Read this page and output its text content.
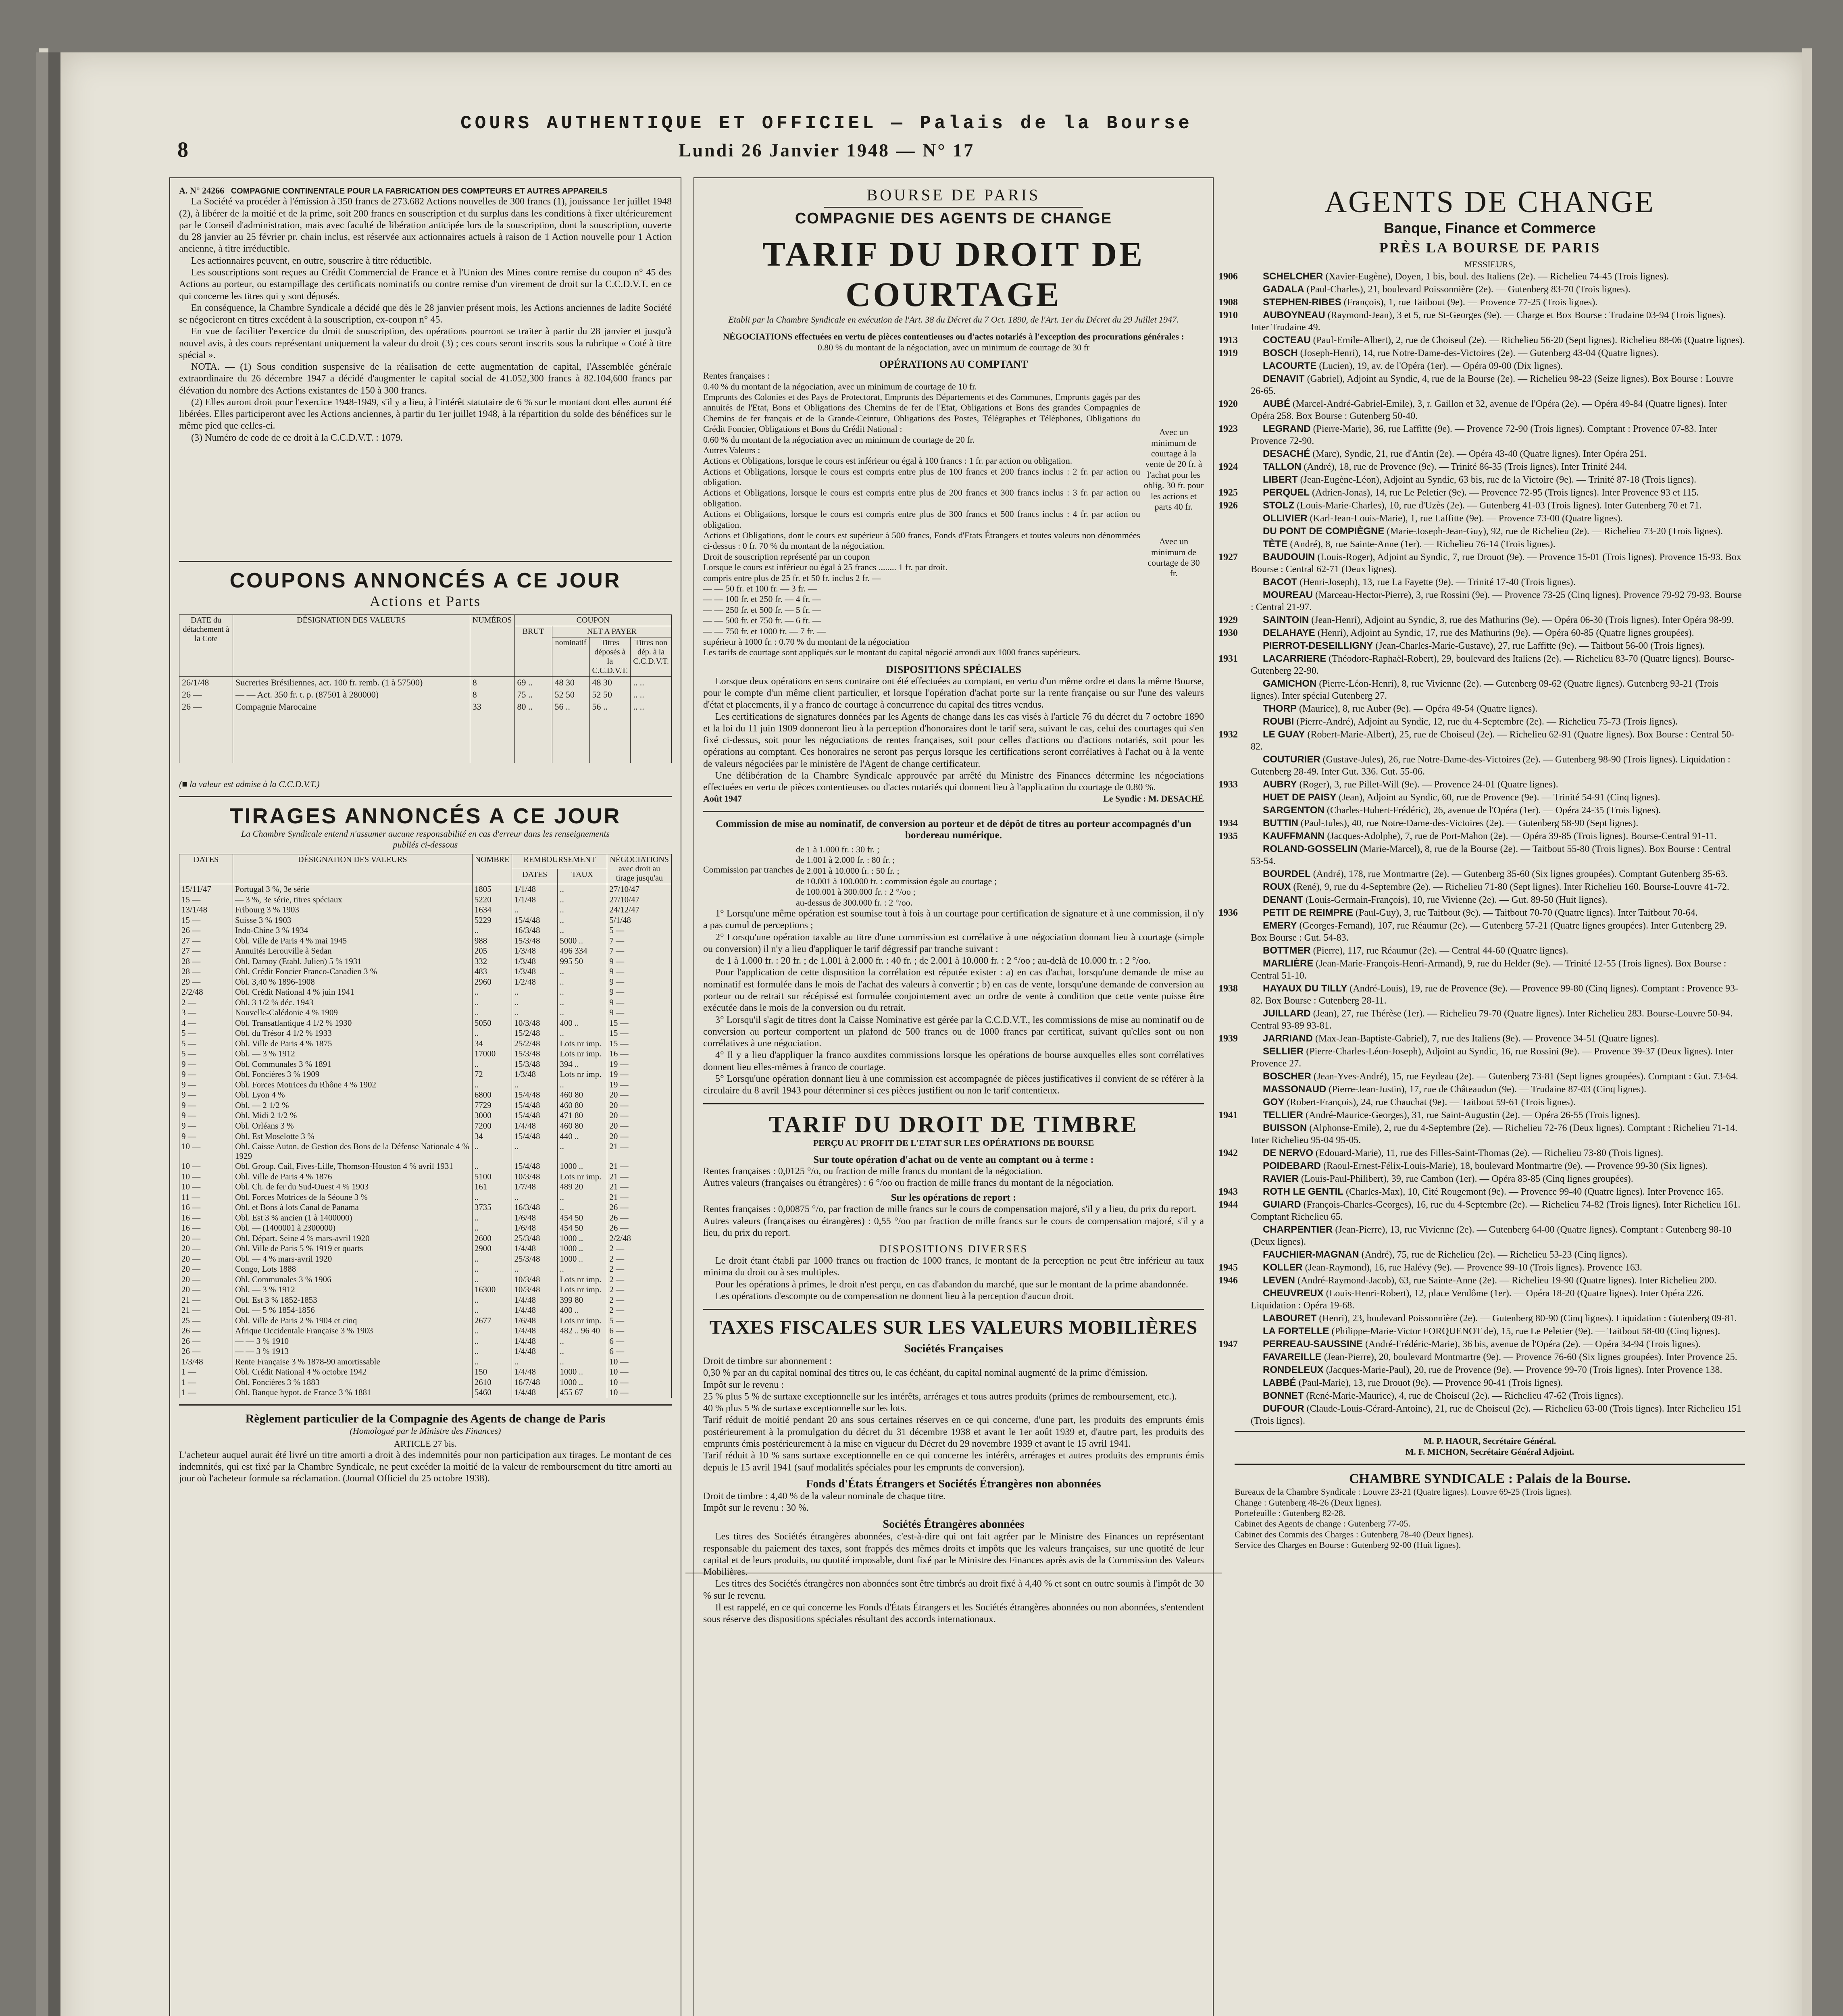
8
COURS AUTHENTIQUE ET OFFICIEL — Palais de la Bourse
Lundi 26 Janvier 1948 — N° 17
A. N° 24266 COMPAGNIE CONTINENTALE POUR LA FABRICATION DES COMPTEURS ET AUTRES APPAREILS
La Société va procéder à l'émission à 350 francs de 273.682 Actions nouvelles de 300 francs (1), jouissance 1er juillet 1948 (2), à libérer de la moitié et de la prime, soit 200 francs en souscription et du surplus dans les conditions à fixer ultérieurement par le Conseil d'administration, mais avec faculté de libération anticipée lors de la souscription, dont la souscription, ouverte du 28 janvier au 25 février pr. chain inclus, est réservée aux actionnaires actuels à raison de 1 Action nouvelle pour 1 Action ancienne, à titre irréductible.
Les actionnaires peuvent, en outre, souscrire à titre réductible.
Les souscriptions sont reçues au Crédit Commercial de France et à l'Union des Mines contre remise du coupon n° 45 des Actions au porteur, ou estampillage des certificats nominatifs ou contre remise d'un virement de droit sur la C.C.D.V.T. en ce qui concerne les titres qui y sont déposés.
En conséquence, la Chambre Syndicale a décidé que dès le 28 janvier présent mois, les Actions anciennes de ladite Société se négocieront en titres excédent à la souscription, ex-coupon n° 45.
En vue de faciliter l'exercice du droit de souscription, des opérations pourront se traiter à partir du 28 janvier et jusqu'à nouvel avis, à des cours représentant uniquement la valeur du droit (3) ; ces cours seront inscrits sous la rubrique « Coté à titre spécial ».
NOTA. — (1) Sous condition suspensive de la réalisation de cette augmentation de capital, l'Assemblée générale extraordinaire du 26 décembre 1947 a décidé d'augmenter le capital social de 41.052,300 francs à 82.104,600 francs par élévation du nombre des Actions existantes de 150 à 300 francs.
(2) Elles auront droit pour l'exercice 1948-1949, s'il y a lieu, à l'intérêt statutaire de 6 % sur le montant dont elles auront été libérées. Elles participeront avec les Actions anciennes, à partir du 1er juillet 1948, à la répartition du solde des bénéfices sur le même pied que celles-ci.
(3) Numéro de code de ce droit à la C.C.D.V.T. : 1079.
COUPONS ANNONCÉS A CE JOUR
Actions et Parts
DATE du détachement à la Cote	DÉSIGNATION DES VALEURS	NUMÉROS	COUPON			
			BRUT	NET A PAYER		
				nominatif	Titres déposés à la C.C.D.V.T.	Titres non dép. à la C.C.D.V.T.
26/1/48	Sucreries Brésiliennes, act. 100 fr. remb. (1 à 57500)	8	69 ..	48 30	48 30	.. ..
26 —	— — Act. 350 fr. t. p. (87501 à 280000)	8	75 ..	52 50	52 50	.. ..
26 —	Compagnie Marocaine	33	80 ..	56 ..	56 ..	.. ..

(■ la valeur est admise à la C.C.D.V.T.)
TIRAGES ANNONCÉS A CE JOUR
La Chambre Syndicale entend n'assumer aucune responsabilité en cas d'erreur dans les renseignements publiés ci-dessous
DATES	DÉSIGNATION DES VALEURS	NOMBRE	REMBOURSEMENT		NÉGOCIATIONS avec droit au tirage jusqu'au
			DATES	TAUX	
15/11/47	Portugal 3 %, 3e série	1805	1/1/48	..	27/10/47
15 —	— 3 %, 3e série, titres spéciaux	5220	1/1/48	..	27/10/47
13/1/48	Fribourg 3 % 1903	1634	..	..	24/12/47
15 —	Suisse 3 % 1903	5229	15/4/48	..	5/1/48
26 —	Indo-Chine 3 % 1934	..	16/3/48	..	5 —
27 —	Obl. Ville de Paris 4 % mai 1945	988	15/3/48	5000 ..	7 —
27 —	Annuités Lerouville à Sedan	205	1/3/48	496 334	7 —
28 —	Obl. Damoy (Etabl. Julien) 5 % 1931	332	1/3/48	995 50	9 —
28 —	Obl. Crédit Foncier Franco-Canadien 3 %	483	1/3/48	..	9 —
29 —	Obl. 3,40 % 1896-1908	2960	1/2/48	..	9 —
2/2/48	Obl. Crédit National 4 % juin 1941	..	..	..	9 —
2 —	Obl. 3 1/2 % déc. 1943	..	..	..	9 —
3 —	Nouvelle-Calédonie 4 % 1909	..	..	..	9 —
4 —	Obl. Transatlantique 4 1/2 % 1930	5050	10/3/48	400 ..	15 —
5 —	Obl. du Trésor 4 1/2 % 1933	..	15/2/48	..	15 —
5 —	Obl. Ville de Paris 4 % 1875	34	25/2/48	Lots nr imp.	15 —
5 —	Obl. — 3 % 1912	17000	15/3/48	Lots nr imp.	16 —
9 —	Obl. Communales 3 % 1891	..	15/3/48	394 ..	19 —
9 —	Obl. Foncières 3 % 1909	72	1/3/48	Lots nr imp.	19 —
9 —	Obl. Forces Motrices du Rhône 4 % 1902	..	..	..	19 —
9 —	Obl. Lyon 4 %	6800	15/4/48	460 80	20 —
9 —	Obl. — 2 1/2 %	7729	15/4/48	460 80	20 —
9 —	Obl. Midi 2 1/2 %	3000	15/4/48	471 80	20 —
9 —	Obl. Orléans 3 %	7200	1/4/48	460 80	20 —
9 —	Obl. Est Moselotte 3 %	34	15/4/48	440 ..	20 —
10 —	Obl. Caisse Auton. de Gestion des Bons de la Défense Nationale 4 % 1929	..	..	..	21 —
10 —	Obl. Group. Cail, Fives-Lille, Thomson-Houston 4 % avril 1931	..	15/4/48	1000 ..	21 —
10 —	Obl. Ville de Paris 4 % 1876	5100	10/3/48	Lots nr imp.	21 —
10 —	Obl. Ch. de fer du Sud-Ouest 4 % 1903	161	1/7/48	489 20	21 —
11 —	Obl. Forces Motrices de la Séoune 3 %	..	..	..	21 —
16 —	Obl. et Bons à lots Canal de Panama	3735	16/3/48	..	26 —
16 —	Obl. Est 3 % ancien (1 à 1400000)	..	1/6/48	454 50	26 —
16 —	Obl. — (1400001 à 2300000)	..	1/6/48	454 50	26 —
20 —	Obl. Départ. Seine 4 % mars-avril 1920	2600	25/3/48	1000 ..	2/2/48
20 —	Obl. Ville de Paris 5 % 1919 et quarts	2900	1/4/48	1000 ..	2 —
20 —	Obl. — 4 % mars-avril 1920	..	25/3/48	1000 ..	2 —
20 —	Congo, Lots 1888	..	..	..	2 —
20 —	Obl. Communales 3 % 1906	..	10/3/48	Lots nr imp.	2 —
20 —	Obl. — 3 % 1912	16300	10/3/48	Lots nr imp.	2 —
21 —	Obl. Est 3 % 1852-1853	..	1/4/48	399 80	2 —
21 —	Obl. — 5 % 1854-1856	..	1/4/48	400 ..	2 —
25 —	Obl. Ville de Paris 2 % 1904 et cinq	2677	1/6/48	Lots nr imp.	5 —
26 —	Afrique Occidentale Française 3 % 1903	..	1/4/48	482 .. 96 40	6 —
26 —	— — 3 % 1910	..	1/4/48	..	6 —
26 —	— — 3 % 1913	..	1/4/48	..	6 —
1/3/48	Rente Française 3 % 1878-90 amortissable	..	..	..	10 —
1 —	Obl. Crédit National 4 % octobre 1942	150	1/4/48	1000 ..	10 —
1 —	Obl. Foncières 3 % 1883	2610	16/7/48	1000 ..	10 —
1 —	Obl. Banque hypot. de France 3 % 1881	5460	1/4/48	455 67	10 —
Règlement particulier de la Compagnie des Agents de change de Paris
(Homologué par le Ministre des Finances)
ARTICLE 27 bis.
L'acheteur auquel aurait été livré un titre amorti a droit à des indemnités pour non participation aux tirages. Le montant de ces indemnités, qui est fixé par la Chambre Syndicale, ne peut excéder la moitié de la valeur de remboursement du titre amorti au jour où l'acheteur formule sa réclamation. (Journal Officiel du 25 octobre 1938).
BOURSE DE PARIS
COMPAGNIE DES AGENTS DE CHANGE
TARIF DU DROIT DE COURTAGE
Etabli par la Chambre Syndicale en exécution de l'Art. 38 du Décret du 7 Oct. 1890, de l'Art. 1er du Décret du 29 Juillet 1947.
NÉGOCIATIONS effectuées en vertu de pièces contentieuses ou d'actes notariés à l'exception des procurations générales :
0.80 % du montant de la négociation, avec un minimum de courtage de 30 fr
OPÉRATIONS AU COMPTANT
Rentes françaises :
0.40 % du montant de la négociation, avec un minimum de courtage de 10 fr.
Emprunts des Colonies et des Pays de Protectorat, Emprunts des Départements et des Communes, Emprunts gagés par des annuités de l'Etat, Bons et Obligations des Chemins de fer de l'Etat, Obligations et Bons des grandes Compagnies de Chemins de fer français et de la Grande-Ceinture, Obligations des Postes, Télégraphes et Téléphones, Obligations du Crédit Foncier, Obligations et Bons du Crédit National :
0.60 % du montant de la négociation avec un minimum de courtage de 20 fr.
Autres Valeurs :
Actions et Obligations, lorsque le cours est inférieur ou égal à 100 francs : 1 fr. par action ou obligation.
Actions et Obligations, lorsque le cours est compris entre plus de 100 francs et 200 francs inclus : 2 fr. par action ou obligation.
Actions et Obligations, lorsque le cours est compris entre plus de 200 francs et 300 francs inclus : 3 fr. par action ou obligation.
Actions et Obligations, lorsque le cours est compris entre plus de 300 francs et 500 francs inclus : 4 fr. par action ou obligation.
Actions et Obligations, dont le cours est supérieur à 500 francs, Fonds d'Etats Étrangers et toutes valeurs non dénommées ci-dessus : 0 fr. 70 % du montant de la négociation.
Droit de souscription représenté par un coupon
Lorsque le cours est inférieur ou égal à 25 francs ........ 1 fr. par droit.
compris entre plus de 25 fr. et 50 fr. inclus 2 fr. —
— — 50 fr. et 100 fr. — 3 fr. —
— — 100 fr. et 250 fr. — 4 fr. —
— — 250 fr. et 500 fr. — 5 fr. —
— — 500 fr. et 750 fr. — 6 fr. —
— — 750 fr. et 1000 fr. — 7 fr. —
supérieur à 1000 fr. : 0.70 % du montant de la négociation
Les tarifs de courtage sont appliqués sur le montant du capital négocié arrondi aux 1000 francs supérieurs.
Avec un minimum de courtage à la vente de 20 fr. à l'achat pour les oblig. 30 fr. pour les actions et parts 40 fr.
Avec un minimum de courtage de 30 fr.
DISPOSITIONS SPÉCIALES
Lorsque deux opérations en sens contraire ont été effectuées au comptant, en vertu d'un même ordre et dans la même Bourse, pour le compte d'un même client particulier, et lorsque l'opération d'achat porte sur la rente française ou sur l'une des valeurs d'état et placements, il y a franco de courtage à concurrence du capital des titres vendus.
Les certifications de signatures données par les Agents de change dans les cas visés à l'article 76 du décret du 7 octobre 1890 et la loi du 11 juin 1909 donneront lieu à la perception d'honoraires dont le tarif sera, suivant le cas, celui des courtages qui s'en fixé ci-dessus, soit pour les négociations de rentes françaises, soit pour celles d'actions ou d'actions notariés, soit pour les opérations au comptant. Ces honoraires ne seront pas perçus lorsque les certifications seront corrélatives à l'achat ou à la vente de valeurs négociées par le ministère de l'Agent de change certificateur.
Une délibération de la Chambre Syndicale approuvée par arrêté du Ministre des Finances détermine les négociations effectuées en vertu de pièces contentieuses ou d'actes notariés qui donnent lieu à l'application du courtage de 0.80 %.
Août 1947	Le Syndic : M. DESACHÉ
Commission de mise au nominatif, de conversion au porteur et de dépôt de titres au porteur accompagnés d'un bordereau numérique.
Commission par tranches
de 1 à 1.000 fr. : 30 fr. ;
de 1.001 à 2.000 fr. : 80 fr. ;
de 2.001 à 10.000 fr. : 50 fr. ;
de 10.001 à 100.000 fr. : commission égale au courtage ;
de 100.001 à 300.000 fr. : 2 °/oo ;
au-dessus de 300.000 fr. : 2 °/oo.
1° Lorsqu'une même opération est soumise tout à fois à un courtage pour certification de signature et à une commission, il n'y a pas cumul de perceptions ;
2° Lorsqu'une opération taxable au titre d'une commission est corrélative à une négociation donnant lieu à courtage (simple ou conversion) il n'y a lieu d'appliquer le tarif dégressif par tranche suivant :
de 1 à 1.000 fr. : 20 fr. ; de 1.001 à 2.000 fr. : 40 fr. ; de 2.001 à 10.000 fr. : 2 °/oo ; au-delà de 10.000 fr. : 2 °/oo.
Pour l'application de cette disposition la corrélation est réputée exister : a) en cas d'achat, lorsqu'une demande de mise au nominatif est formulée dans le mois de l'achat des valeurs à convertir ; b) en cas de vente, lorsqu'une demande de conversion au porteur ou de retrait sur récépissé est formulée conjointement avec un ordre de vente à condition que cette vente puisse être exécutée dans le mois de la conversion ou du retrait.
3° Lorsqu'il s'agit de titres dont la Caisse Nominative est gérée par la C.C.D.V.T., les commissions de mise au nominatif ou de conversion au porteur comportent un plafond de 500 francs ou de 1000 francs par certificat, suivant qu'elles sont ou non corrélatives à une négociation.
4° Il y a lieu d'appliquer la franco auxdites commissions lorsque les opérations de bourse auxquelles elles sont corrélatives donnent lieu elles-mêmes à franco de courtage.
5° Lorsqu'une opération donnant lieu à une commission est accompagnée de pièces justificatives il convient de se référer à la circulaire du 8 avril 1943 pour déterminer si ces pièces justifient ou non le tarif contentieux.
TARIF DU DROIT DE TIMBRE
PERÇU AU PROFIT DE L'ETAT SUR LES OPÉRATIONS DE BOURSE
Sur toute opération d'achat ou de vente au comptant ou à terme :
Rentes françaises : 0,0125 °/o, ou fraction de mille francs du montant de la négociation.
Autres valeurs (françaises ou étrangères) : 6 °/oo ou fraction de mille francs du montant de la négociation.
Sur les opérations de report :
Rentes françaises : 0,00875 °/o, par fraction de mille francs sur le cours de compensation majoré, s'il y a lieu, du prix du report.
Autres valeurs (françaises ou étrangères) : 0,55 °/oo par fraction de mille francs sur le cours de compensation majoré, s'il y a lieu, du prix du report.
DISPOSITIONS DIVERSES
Le droit étant établi par 1000 francs ou fraction de 1000 francs, le montant de la perception ne peut être inférieur au taux minima du droit ou à ses multiples.
Pour les opérations à primes, le droit n'est perçu, en cas d'abandon du marché, que sur le montant de la prime abandonnée.
Les opérations d'escompte ou de compensation ne donnent lieu à la perception d'aucun droit.
TAXES FISCALES SUR LES VALEURS MOBILIÈRES
Sociétés Françaises
Droit de timbre sur abonnement :
0,30 % par an du capital nominal des titres ou, le cas échéant, du capital nominal augmenté de la prime d'émission.
Impôt sur le revenu :
25 % plus 5 % de surtaxe exceptionnelle sur les intérêts, arrérages et tous autres produits (primes de remboursement, etc.).
40 % plus 5 % de surtaxe exceptionnelle sur les lots.
Tarif réduit de moitié pendant 20 ans sous certaines réserves en ce qui concerne, d'une part, les produits des emprunts émis postérieurement à la promulgation du décret du 31 décembre 1938 et avant le 1er août 1939 et, d'autre part, les produits des emprunts émis postérieurement à la mise en vigueur du Décret du 29 novembre 1939 et avant le 15 avril 1941.
Tarif réduit à 10 % sans surtaxe exceptionnelle en ce qui concerne les intérêts, arrérages et autres produits des emprunts émis depuis le 15 avril 1941 (sauf modalités spéciales pour les emprunts de conversion).
Fonds d'États Étrangers et Sociétés Étrangères non abonnées
Droit de timbre : 4,40 % de la valeur nominale de chaque titre.
Impôt sur le revenu : 30 %.
Sociétés Étrangères abonnées
Les titres des Sociétés étrangères abonnées, c'est-à-dire qui ont fait agréer par le Ministre des Finances un représentant responsable du paiement des taxes, sont frappés des mêmes droits et impôts que les valeurs françaises, sur une quotité de leur capital et de leurs produits, ou quotité imposable, dont fixé par le Ministre des Finances après avis de la Commission des Valeurs Mobilières.
Les titres des Sociétés étrangères non abonnées sont être timbrés au droit fixé à 4,40 % et sont en outre soumis à l'impôt de 30 % sur le revenu.
Il est rappelé, en ce qui concerne les Fonds d'États Étrangers et les Sociétés étrangères abonnées ou non abonnées, s'entendent sous réserve des dispositions spéciales résultant des accords internationaux.
AGENTS DE CHANGE
Banque, Finance et Commerce
PRÈS LA BOURSE DE PARIS
MESSIEURS,
1906	SCHELCHER (Xavier-Eugène), Doyen, 1 bis, boul. des Italiens (2e). — Richelieu 74-45 (Trois lignes).
GADALA (Paul-Charles), 21, boulevard Poissonnière (2e). — Gutenberg 83-70 (Trois lignes).
1908	STEPHEN-RIBES (François), 1, rue Taitbout (9e). — Provence 77-25 (Trois lignes).
1910	AUBOYNEAU (Raymond-Jean), 3 et 5, rue St-Georges (9e). — Charge et Box Bourse : Trudaine 03-94 (Trois lignes). Inter Trudaine 49.
1913	COCTEAU (Paul-Emile-Albert), 2, rue de Choiseul (2e). — Richelieu 56-20 (Sept lignes). Richelieu 88-06 (Quatre lignes).
1919	BOSCH (Joseph-Henri), 14, rue Notre-Dame-des-Victoires (2e). — Gutenberg 43-04 (Quatre lignes).
LACOURTE (Lucien), 19, av. de l'Opéra (1er). — Opéra 09-00 (Dix lignes).
DENAVIT (Gabriel), Adjoint au Syndic, 4, rue de la Bourse (2e). — Richelieu 98-23 (Seize lignes). Box Bourse : Louvre 26-65.
1920	AUBÉ (Marcel-André-Gabriel-Emile), 3, r. Gaillon et 32, avenue de l'Opéra (2e). — Opéra 49-84 (Quatre lignes). Inter Opéra 258. Box Bourse : Gutenberg 50-40.
1923	LEGRAND (Pierre-Marie), 36, rue Laffitte (9e). — Provence 72-90 (Trois lignes). Comptant : Provence 07-83. Inter Provence 72-90.
DESACHÉ (Marc), Syndic, 21, rue d'Antin (2e). — Opéra 43-40 (Quatre lignes). Inter Opéra 251.
1924	TALLON (André), 18, rue de Provence (9e). — Trinité 86-35 (Trois lignes). Inter Trinité 244.
LIBERT (Jean-Eugène-Léon), Adjoint au Syndic, 63 bis, rue de la Victoire (9e). — Trinité 87-18 (Trois lignes).
1925	PERQUEL (Adrien-Jonas), 14, rue Le Peletier (9e). — Provence 72-95 (Trois lignes). Inter Provence 93 et 115.
1926	STOLZ (Louis-Marie-Charles), 10, rue d'Uzès (2e). — Gutenberg 41-03 (Trois lignes). Inter Gutenberg 70 et 71.
OLLIVIER (Karl-Jean-Louis-Marie), 1, rue Laffitte (9e). — Provence 73-00 (Quatre lignes).
DU PONT DE COMPIÈGNE (Marie-Joseph-Jean-Guy), 92, rue de Richelieu (2e). — Richelieu 73-20 (Trois lignes).
TÈTE (André), 8, rue Sainte-Anne (1er). — Richelieu 76-14 (Trois lignes).
1927	BAUDOUIN (Louis-Roger), Adjoint au Syndic, 7, rue Drouot (9e). — Provence 15-01 (Trois lignes). Provence 15-93. Box Bourse : Central 62-71 (Deux lignes).
BACOT (Henri-Joseph), 13, rue La Fayette (9e). — Trinité 17-40 (Trois lignes).
MOUREAU (Marceau-Hector-Pierre), 3, rue Rossini (9e). — Provence 73-25 (Cinq lignes). Provence 79-92 79-93. Bourse : Central 21-97.
1929	SAINTOIN (Jean-Henri), Adjoint au Syndic, 3, rue des Mathurins (9e). — Opéra 06-30 (Trois lignes). Inter Opéra 98-99.
1930	DELAHAYE (Henri), Adjoint au Syndic, 17, rue des Mathurins (9e). — Opéra 60-85 (Quatre lignes groupées).
PIERROT-DESEILLIGNY (Jean-Charles-Marie-Gustave), 27, rue Laffitte (9e). — Taitbout 56-00 (Trois lignes).
1931	LACARRIERE (Théodore-Raphaël-Robert), 29, boulevard des Italiens (2e). — Richelieu 83-70 (Quatre lignes). Bourse-Gutenberg 22-90.
GAMICHON (Pierre-Léon-Henri), 8, rue Vivienne (2e). — Gutenberg 09-62 (Quatre lignes). Gutenberg 93-21 (Trois lignes). Inter spécial Gutenberg 27.
THORP (Maurice), 8, rue Auber (9e). — Opéra 49-54 (Quatre lignes).
ROUBI (Pierre-André), Adjoint au Syndic, 12, rue du 4-Septembre (2e). — Richelieu 75-73 (Trois lignes).
1932	LE GUAY (Robert-Marie-Albert), 25, rue de Choiseul (2e). — Richelieu 62-91 (Quatre lignes). Box Bourse : Central 50-82.
COUTURIER (Gustave-Jules), 26, rue Notre-Dame-des-Victoires (2e). — Gutenberg 98-90 (Trois lignes). Liquidation : Gutenberg 28-49. Inter Gut. 336. Gut. 55-06.
1933	AUBRY (Roger), 3, rue Pillet-Will (9e). — Provence 24-01 (Quatre lignes).
HUET DE PAISY (Jean), Adjoint au Syndic, 60, rue de Provence (9e). — Trinité 54-91 (Cinq lignes).
SARGENTON (Charles-Hubert-Frédéric), 26, avenue de l'Opéra (1er). — Opéra 24-35 (Trois lignes).
1934	BUTTIN (Paul-Jules), 40, rue Notre-Dame-des-Victoires (2e). — Gutenberg 58-90 (Sept lignes).
1935	KAUFFMANN (Jacques-Adolphe), 7, rue de Port-Mahon (2e). — Opéra 39-85 (Trois lignes). Bourse-Central 91-11.
ROLAND-GOSSELIN (Marie-Marcel), 8, rue de la Bourse (2e). — Taitbout 55-80 (Trois lignes). Box Bourse : Central 53-54.
BOURDEL (André), 178, rue Montmartre (2e). — Gutenberg 35-60 (Six lignes groupées). Comptant Gutenberg 35-63.
ROUX (René), 9, rue du 4-Septembre (2e). — Richelieu 71-80 (Sept lignes). Inter Richelieu 160. Bourse-Louvre 41-72.
DENANT (Louis-Germain-François), 10, rue Vivienne (2e). — Gut. 89-50 (Huit lignes).
1936	PETIT DE REIMPRE (Paul-Guy), 3, rue Taitbout (9e). — Taitbout 70-70 (Quatre lignes). Inter Taitbout 70-64.
EMERY (Georges-Fernand), 107, rue Réaumur (2e). — Gutenberg 57-21 (Quatre lignes groupées). Inter Gutenberg 29. Box Bourse : Gut. 54-83.
BOTTMER (Pierre), 117, rue Réaumur (2e). — Central 44-60 (Quatre lignes).
MARLIÈRE (Jean-Marie-François-Henri-Armand), 9, rue du Helder (9e). — Trinité 12-55 (Trois lignes). Box Bourse : Central 51-10.
1938	HAYAUX DU TILLY (André-Louis), 19, rue de Provence (9e). — Provence 99-80 (Cinq lignes). Comptant : Provence 93-82. Box Bourse : Gutenberg 28-11.
JUILLARD (Jean), 27, rue Thérèse (1er). — Richelieu 79-70 (Quatre lignes). Inter Richelieu 283. Bourse-Louvre 50-94. Central 93-89 93-81.
1939	JARRIAND (Max-Jean-Baptiste-Gabriel), 7, rue des Italiens (9e). — Provence 34-51 (Quatre lignes).
SELLIER (Pierre-Charles-Léon-Joseph), Adjoint au Syndic, 16, rue Rossini (9e). — Provence 39-37 (Deux lignes). Inter Provence 27.
BOSCHER (Jean-Yves-André), 15, rue Feydeau (2e). — Gutenberg 73-81 (Sept lignes groupées). Comptant : Gut. 73-64.
MASSONAUD (Pierre-Jean-Justin), 17, rue de Châteaudun (9e). — Trudaine 87-03 (Cinq lignes).
GOY (Robert-François), 24, rue Chauchat (9e). — Taitbout 59-61 (Trois lignes).
1941	TELLIER (André-Maurice-Georges), 31, rue Saint-Augustin (2e). — Opéra 26-55 (Trois lignes).
BUISSON (Alphonse-Emile), 2, rue du 4-Septembre (2e). — Richelieu 72-76 (Deux lignes). Comptant : Richelieu 71-14. Inter Richelieu 95-04 95-05.
1942	DE NERVO (Edouard-Marie), 11, rue des Filles-Saint-Thomas (2e). — Richelieu 73-80 (Trois lignes).
POIDEBARD (Raoul-Ernest-Félix-Louis-Marie), 18, boulevard Montmartre (9e). — Provence 99-30 (Six lignes).
RAVIER (Louis-Paul-Philibert), 39, rue Cambon (1er). — Opéra 83-85 (Cinq lignes groupées).
1943	ROTH LE GENTIL (Charles-Max), 10, Cité Rougemont (9e). — Provence 99-40 (Quatre lignes). Inter Provence 165.
1944	GUIARD (François-Charles-Georges), 16, rue du 4-Septembre (2e). — Richelieu 74-82 (Trois lignes). Inter Richelieu 161. Comptant Richelieu 65.
CHARPENTIER (Jean-Pierre), 13, rue Vivienne (2e). — Gutenberg 64-00 (Quatre lignes). Comptant : Gutenberg 98-10 (Deux lignes).
FAUCHIER-MAGNAN (André), 75, rue de Richelieu (2e). — Richelieu 53-23 (Cinq lignes).
1945	KOLLER (Jean-Raymond), 16, rue Halévy (9e). — Provence 99-10 (Trois lignes). Provence 163.
1946	LEVEN (André-Raymond-Jacob), 63, rue Sainte-Anne (2e). — Richelieu 19-90 (Quatre lignes). Inter Richelieu 200.
CHEUVREUX (Louis-Henri-Robert), 12, place Vendôme (1er). — Opéra 18-20 (Quatre lignes). Inter Opéra 226. Liquidation : Opéra 19-68.
LABOURET (Henri), 23, boulevard Poissonnière (2e). — Gutenberg 80-90 (Cinq lignes). Liquidation : Gutenberg 09-81.
LA FORTELLE (Philippe-Marie-Victor FORQUENOT de), 15, rue Le Peletier (9e). — Taitbout 58-00 (Cinq lignes).
1947	PERREAU-SAUSSINE (André-Frédéric-Marie), 36 bis, avenue de l'Opéra (2e). — Opéra 34-94 (Trois lignes).
FAVAREILLE (Jean-Pierre), 20, boulevard Montmartre (9e). — Provence 76-60 (Six lignes groupées). Inter Provence 25.
RONDELEUX (Jacques-Marie-Paul), 20, rue de Provence (9e). — Provence 99-70 (Trois lignes). Inter Provence 138.
LABBÉ (Paul-Marie), 13, rue Drouot (9e). — Provence 90-41 (Trois lignes).
BONNET (René-Marie-Maurice), 4, rue de Choiseul (2e). — Richelieu 47-62 (Trois lignes).
DUFOUR (Claude-Louis-Gérard-Antoine), 21, rue de Choiseul (2e). — Richelieu 63-00 (Trois lignes). Inter Richelieu 151 (Trois lignes).
M. P. HAOUR, Secrétaire Général.
M. F. MICHON, Secrétaire Général Adjoint.
CHAMBRE SYNDICALE : Palais de la Bourse.
Bureaux de la Chambre Syndicale : Louvre 23-21 (Quatre lignes). Louvre 69-25 (Trois lignes).
Change : Gutenberg 48-26 (Deux lignes).
Portefeuille : Gutenberg 82-28.
Cabinet des Agents de change : Gutenberg 77-05.
Cabinet des Commis des Charges : Gutenberg 78-40 (Deux lignes).
Service des Charges en Bourse : Gutenberg 92-00 (Huit lignes).
